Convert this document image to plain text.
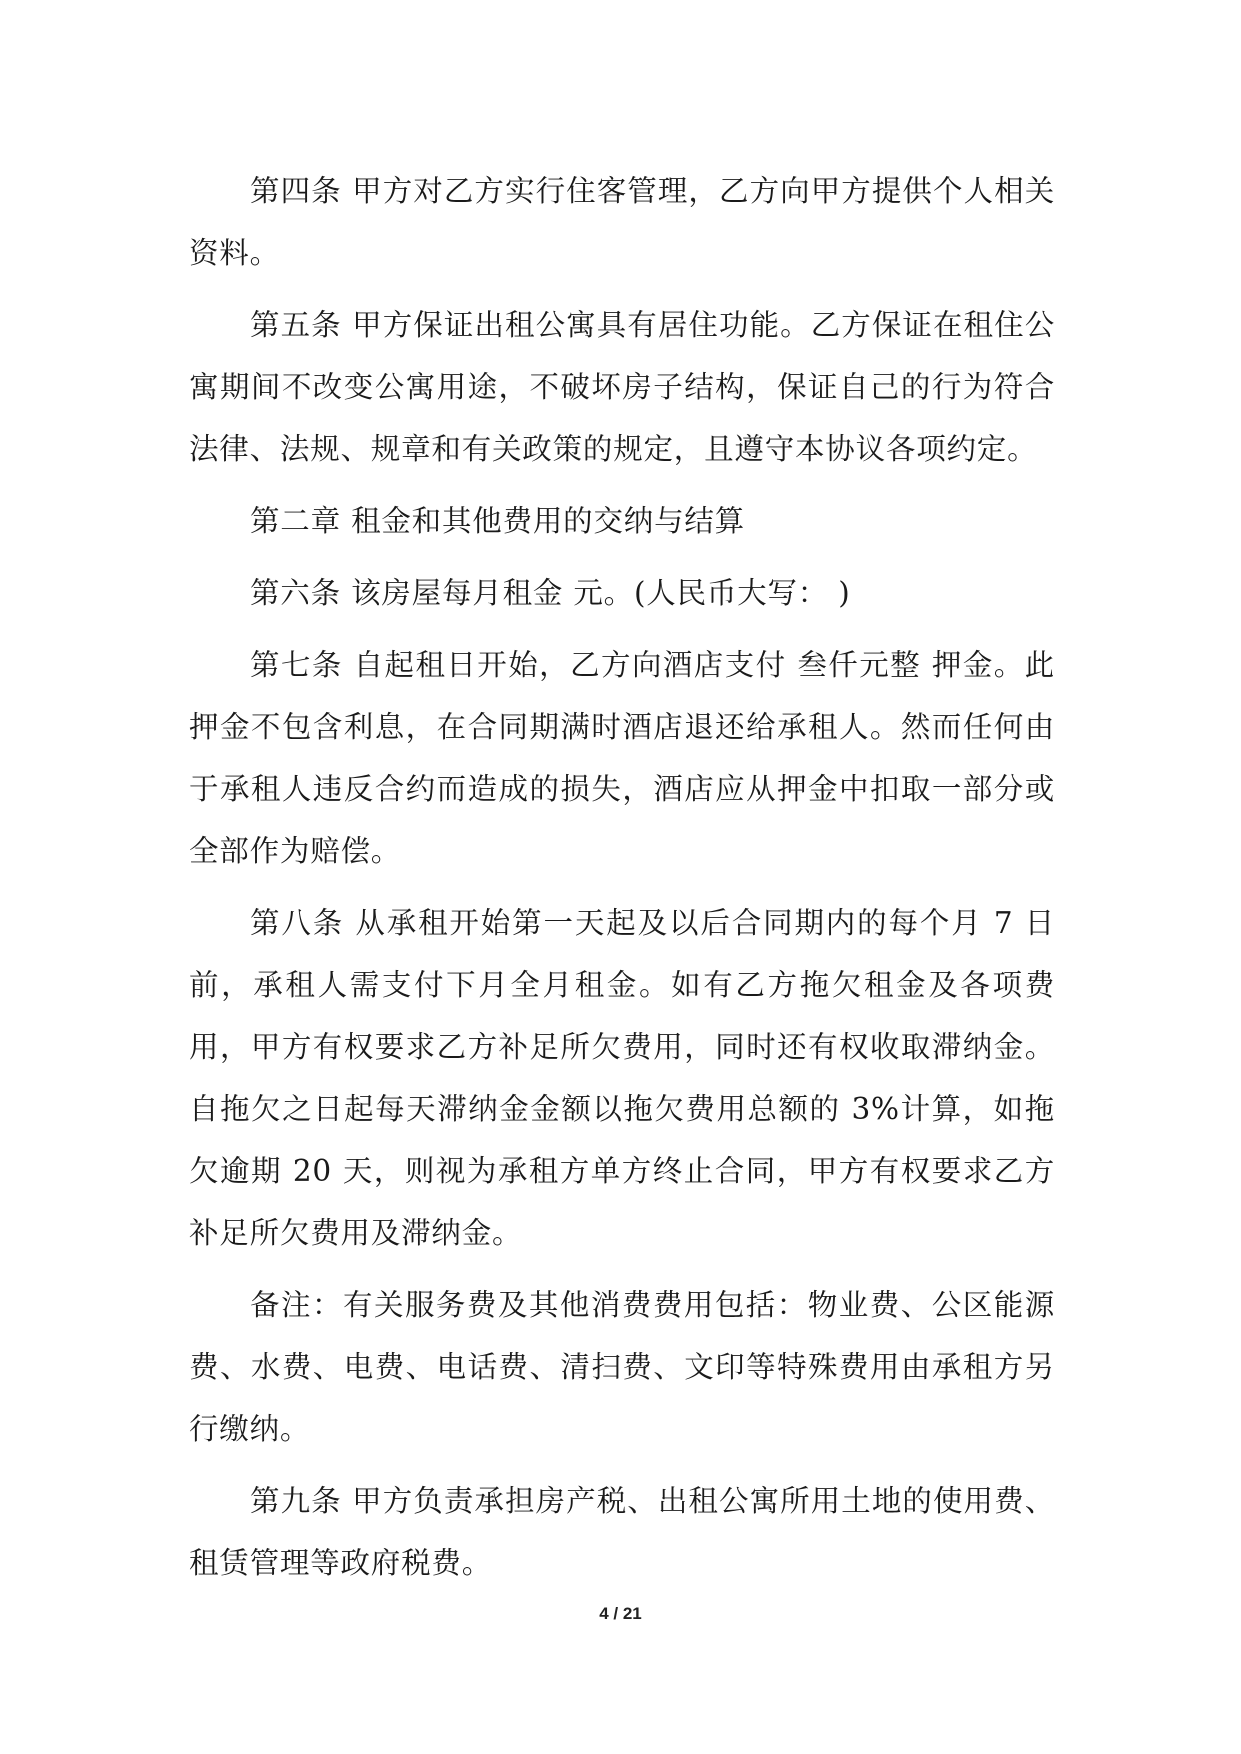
第四条 甲方对乙方实行住客管理，乙方向甲方提供个人相关资料。

第五条 甲方保证出租公寓具有居住功能。乙方保证在租住公寓期间不改变公寓用途，不破坏房子结构，保证自己的行为符合法律、法规、规章和有关政策的规定，且遵守本协议各项约定。

第二章 租金和其他费用的交纳与结算

第六条 该房屋每月租金 元。(人民币大写： )

第七条 自起租日开始，乙方向酒店支付 叁仟元整 押金。此押金不包含利息，在合同期满时酒店退还给承租人。然而任何由于承租人违反合约而造成的损失，酒店应从押金中扣取一部分或全部作为赔偿。

第八条 从承租开始第一天起及以后合同期内的每个月 7 日前，承租人需支付下月全月租金。如有乙方拖欠租金及各项费用，甲方有权要求乙方补足所欠费用，同时还有权收取滞纳金。自拖欠之日起每天滞纳金金额以拖欠费用总额的 3%计算，如拖欠逾期 20 天，则视为承租方单方终止合同，甲方有权要求乙方补足所欠费用及滞纳金。

备注：有关服务费及其他消费费用包括：物业费、公区能源费、水费、电费、电话费、清扫费、文印等特殊费用由承租方另行缴纳。

第九条 甲方负责承担房产税、出租公寓所用土地的使用费、租赁管理等政府税费。

4 / 21
